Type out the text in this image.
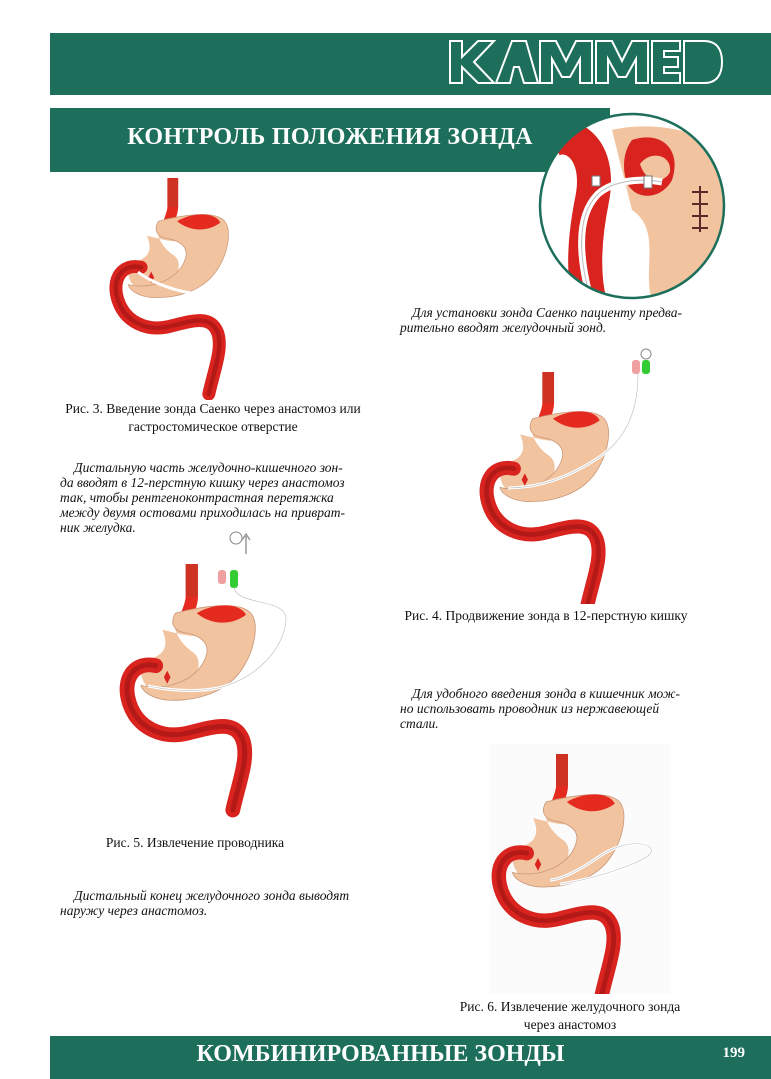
КОНТРОЛЬ ПОЛОЖЕНИЯ ЗОНДА
Рис. 3. Введение зонда Саенко через анастомоз или
гастростомическое отверстие
Для установки зонда Саенко пациенту предва-
рительно вводят желудочный зонд.
Рис. 4. Продвижение зонда в 12-перстную кишку
Дистальную часть желудочно-кишечного зон-
да вводят в 12-перстную кишку через анастомоз
так, чтобы рентгеноконтрастная перетяжка
между двумя остовами приходилась на приврат-
ник желудка.
Рис. 5. Извлечение проводника
Для удобного введения зонда в кишечник мож-
но использовать проводник из нержавеющей
стали.
Рис. 6. Извлечение желудочного зонда
через анастомоз
Дистальный конец желудочного зонда выводят
наружу через анастомоз.
КОМБИНИРОВАННЫЕ ЗОНДЫ	199
